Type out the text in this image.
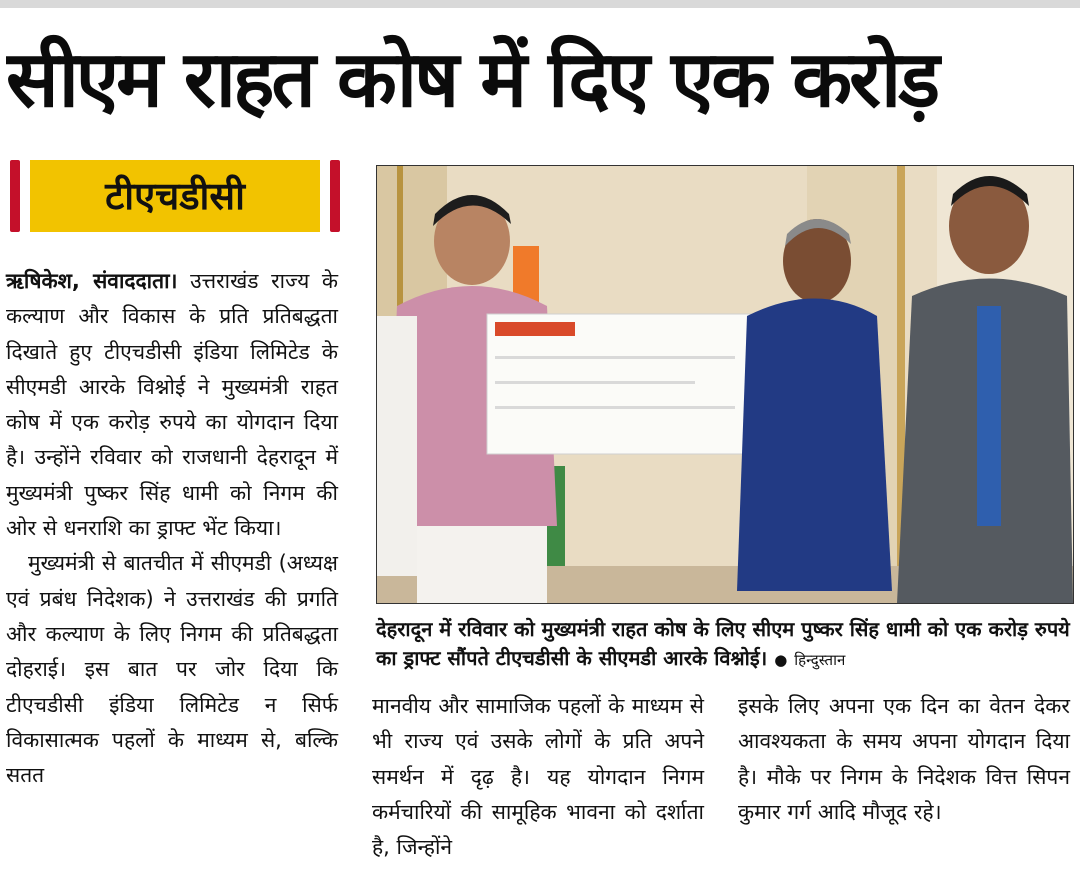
सीएम राहत कोष में दिए एक करोड़
टीएचडीसी

ऋषिकेश, संवाददाता। उत्तराखंड राज्य के कल्याण और विकास के प्रति प्रतिबद्धता दिखाते हुए टीएचडीसी इंडिया लिमिटेड के सीएमडी आरके विश्नोई ने मुख्यमंत्री राहत कोष में एक करोड़ रुपये का योगदान दिया है। उन्होंने रविवार को राजधानी देहरादून में मुख्यमंत्री पुष्कर सिंह धामी को निगम की ओर से धनराशि का ड्राफ्ट भेंट किया।

मुख्यमंत्री से बातचीत में सीएमडी (अध्यक्ष एवं प्रबंध निदेशक) ने उत्तराखंड की प्रगति और कल्याण के लिए निगम की प्रतिबद्धता दोहराई। इस बात पर जोर दिया कि टीएचडीसी इंडिया लिमिटेड न सिर्फ विकासात्मक पहलों के माध्यम से, बल्कि सतत

देहरादून में रविवार को मुख्यमंत्री राहत कोष के लिए सीएम पुष्कर सिंह धामी को एक करोड़ रुपये का ड्राफ्ट सौंपते टीएचडीसी के सीएमडी आरके विश्नोई। ● हिन्दुस्तान

मानवीय और सामाजिक पहलों के माध्यम से भी राज्य एवं उसके लोगों के प्रति अपने समर्थन में दृढ़ है। यह योगदान निगम कर्मचारियों की सामूहिक भावना को दर्शाता है, जिन्होंने

इसके लिए अपना एक दिन का वेतन देकर आवश्यकता के समय अपना योगदान दिया है। मौके पर निगम के निदेशक वित्त सिपन कुमार गर्ग आदि मौजूद रहे।
